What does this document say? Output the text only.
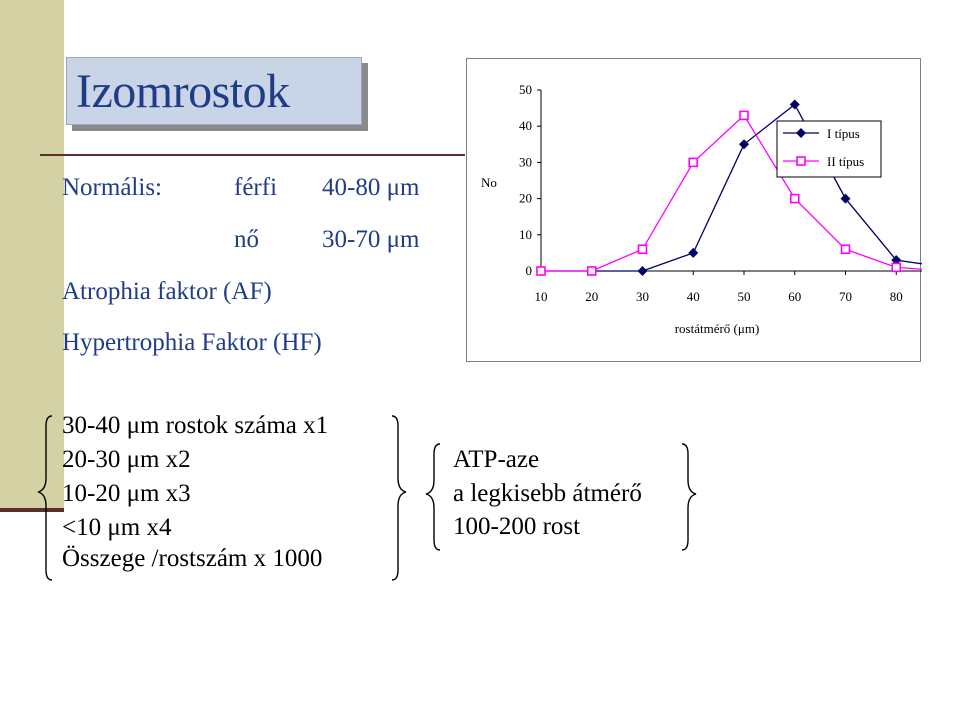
Izomrostok
Normális:	férfi 40-80 μm
nő	30-70 μm
Atrophia faktor (AF)
Hypertrophia Faktor (HF)
0
10
20
30
40
50
10	20	30	40	50	60	70	80
No
rostátmérő (μm)
I típus
II típus
30-40 μm rostok száma x1
20-30 μm x2
10-20 μm x3
<10 μm x4
Összege /rostszám x 1000
ATP-aze
a legkisebb átmérő
100-200 rost
